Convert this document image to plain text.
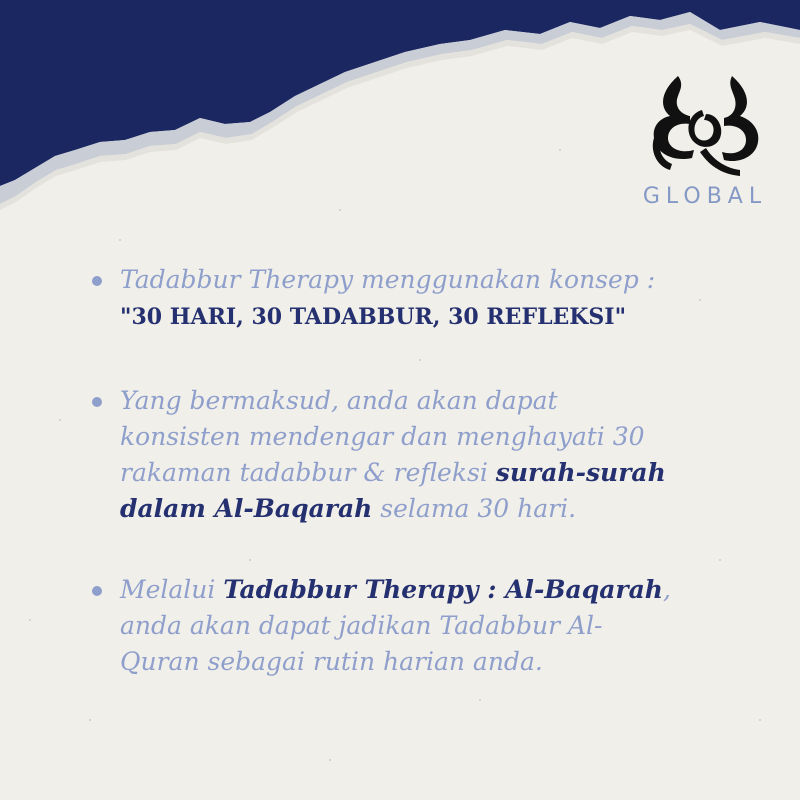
GLOBAL
Tadabbur Therapy menggunakan konsep :
"30 HARI, 30 TADABBUR, 30 REFLEKSI"
Yang bermaksud, anda akan dapat konsisten mendengar dan menghayati 30 rakaman tadabbur & refleksi surah-surah dalam Al-Baqarah selama 30 hari.
Melalui Tadabbur Therapy : Al-Baqarah, anda akan dapat jadikan Tadabbur Al-Quran sebagai rutin harian anda.
